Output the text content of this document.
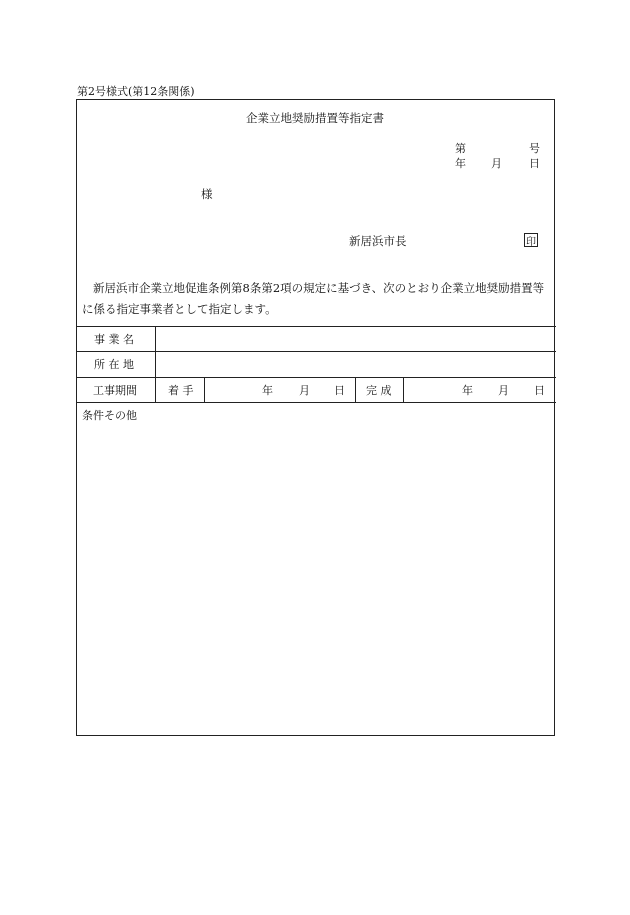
第2号様式(第12条関係)
企業立地奨励措置等指定書
第	号
年 月 日
様
新居浜市長	印
新居浜市企業立地促進条例第8条第2項の規定に基づき、次のとおり企業立地奨励措置等
に係る指定事業者として指定します。
事 業 名
所 在 地
工事期間	着 手	年 月 日 完 成	年 月 日
条件その他
